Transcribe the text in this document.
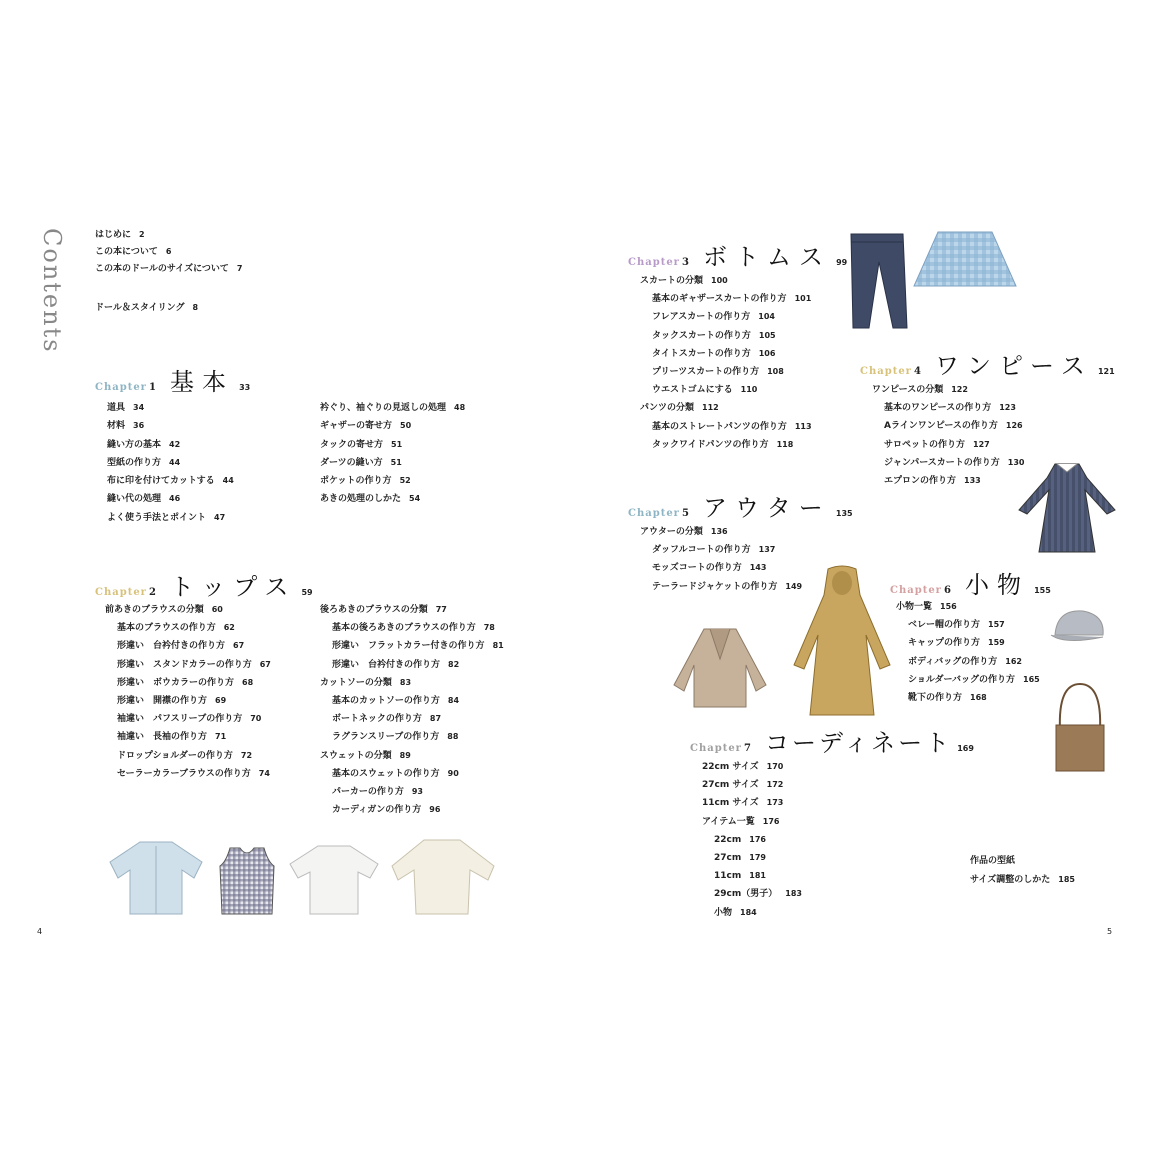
Contents	はじめに 2
この本について 6
この本のドールのサイズについて 7
ドール＆スタイリング 8
Chapter 1 基本 33
道具 34
材料 36
縫い方の基本 42
型紙の作り方 44
布に印を付けてカットする 44
縫い代の処理 46
よく使う手法とポイント 47
衿ぐり、袖ぐりの見返しの処理 48
ギャザーの寄せ方 50
タックの寄せ方 51
ダーツの縫い方 51
ポケットの作り方 52
あきの処理のしかた 54
Chapter 2 トップス 59
前あきのブラウスの分類 60
基本のブラウスの作り方 62
形違い　台衿付きの作り方 67
形違い　スタンドカラーの作り方 67
形違い　ボウカラーの作り方 68
形違い　開襟の作り方 69
袖違い　パフスリーブの作り方 70
袖違い　長袖の作り方 71
ドロップショルダーの作り方 72
セーラーカラーブラウスの作り方 74
後ろあきのブラウスの分類 77
基本の後ろあきのブラウスの作り方 78
形違い　フラットカラー付きの作り方 81
形違い　台衿付きの作り方 82
カットソーの分類 83
基本のカットソーの作り方 84
ボートネックの作り方 87
ラグランスリーブの作り方 88
スウェットの分類 89
基本のスウェットの作り方 90
パーカーの作り方 93
カーディガンの作り方 96
Chapter 3 ボトムス 99
スカートの分類 100
基本のギャザースカートの作り方 101
フレアスカートの作り方 104
タックスカートの作り方 105
タイトスカートの作り方 106
プリーツスカートの作り方 108
ウエストゴムにする 110
パンツの分類 112
基本のストレートパンツの作り方 113
タックワイドパンツの作り方 118
Chapter 4 ワンピース 121
ワンピースの分類 122
基本のワンピースの作り方 123
Aラインワンピースの作り方 126
サロペットの作り方 127
ジャンパースカートの作り方 130
エプロンの作り方 133
Chapter 5 アウター 135
アウターの分類 136
ダッフルコートの作り方 137
モッズコートの作り方 143
テーラードジャケットの作り方 149	Chapter 6 小物 155
小物一覧 156
ベレー帽の作り方 157
キャップの作り方 159
ボディバッグの作り方 162
ショルダーバッグの作り方 165
靴下の作り方 168
Chapter 7 コーディネート 169
22cm サイズ 170
27cm サイズ 172
11cm サイズ 173
アイテム一覧 176
22cm 176
27cm 179
11cm 181
29cm（男子） 183
小物 184
作品の型紙
サイズ調整のしかた 185
4	5
